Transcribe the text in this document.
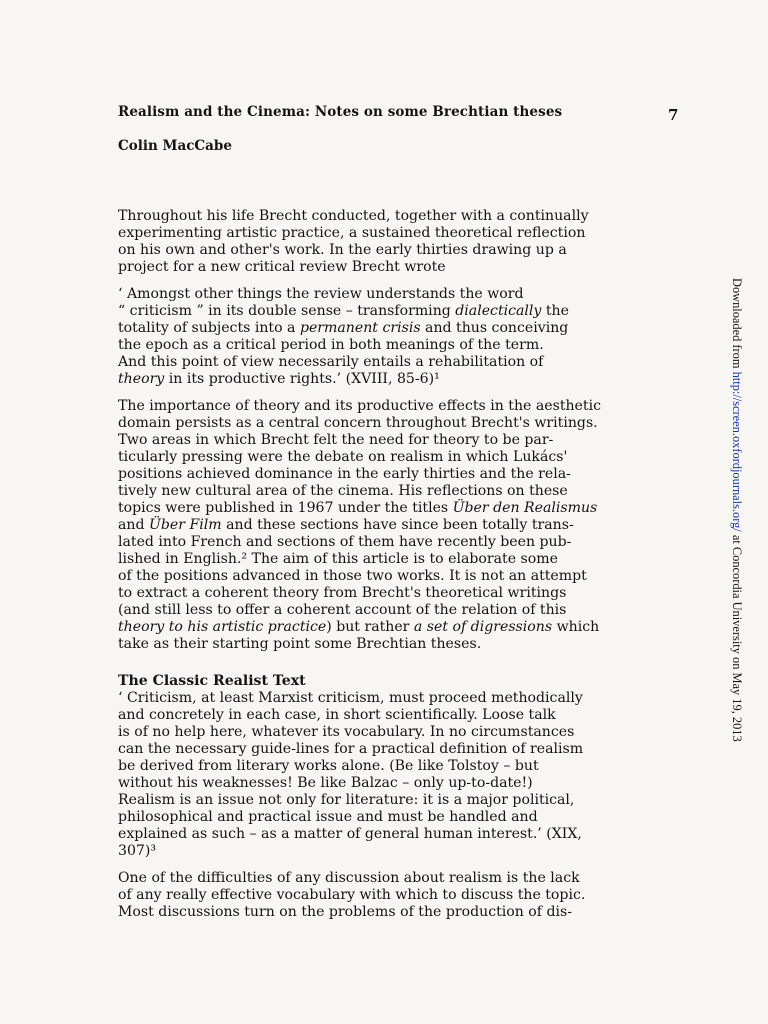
Realism and the Cinema: Notes on some Brechtian theses	7
Colin MacCabe
Throughout his life Brecht conducted, together with a continually
experimenting artistic practice, a sustained theoretical reflection
on his own and other's work. In the early thirties drawing up a
project for a new critical review Brecht wrote
‘ Amongst other things the review understands the word
“ criticism ” in its double sense – transforming dialectically the
totality of subjects into a permanent crisis and thus conceiving
the epoch as a critical period in both meanings of the term.
And this point of view necessarily entails a rehabilitation of
theory in its productive rights.’ (XVIII, 85-6)¹
The importance of theory and its productive effects in the aesthetic
domain persists as a central concern throughout Brecht's writings.
Two areas in which Brecht felt the need for theory to be par-
ticularly pressing were the debate on realism in which Lukács'
positions achieved dominance in the early thirties and the rela-
tively new cultural area of the cinema. His reflections on these
topics were published in 1967 under the titles Über den Realismus
and Über Film and these sections have since been totally trans-
lated into French and sections of them have recently been pub-
lished in English.² The aim of this article is to elaborate some
of the positions advanced in those two works. It is not an attempt
to extract a coherent theory from Brecht's theoretical writings
(and still less to offer a coherent account of the relation of this
theory to his artistic practice) but rather a set of digressions which
take as their starting point some Brechtian theses.
The Classic Realist Text
‘ Criticism, at least Marxist criticism, must proceed methodically
and concretely in each case, in short scientifically. Loose talk
is of no help here, whatever its vocabulary. In no circumstances
can the necessary guide-lines for a practical definition of realism
be derived from literary works alone. (Be like Tolstoy – but
without his weaknesses! Be like Balzac – only up-to-date!)
Realism is an issue not only for literature: it is a major political,
philosophical and practical issue and must be handled and
explained as such – as a matter of general human interest.’ (XIX,
307)³
One of the difficulties of any discussion about realism is the lack
of any really effective vocabulary with which to discuss the topic.
Most discussions turn on the problems of the production of dis-
Downloaded from http://screen.oxfordjournals.org/ at Concordia University on May 19, 2013
